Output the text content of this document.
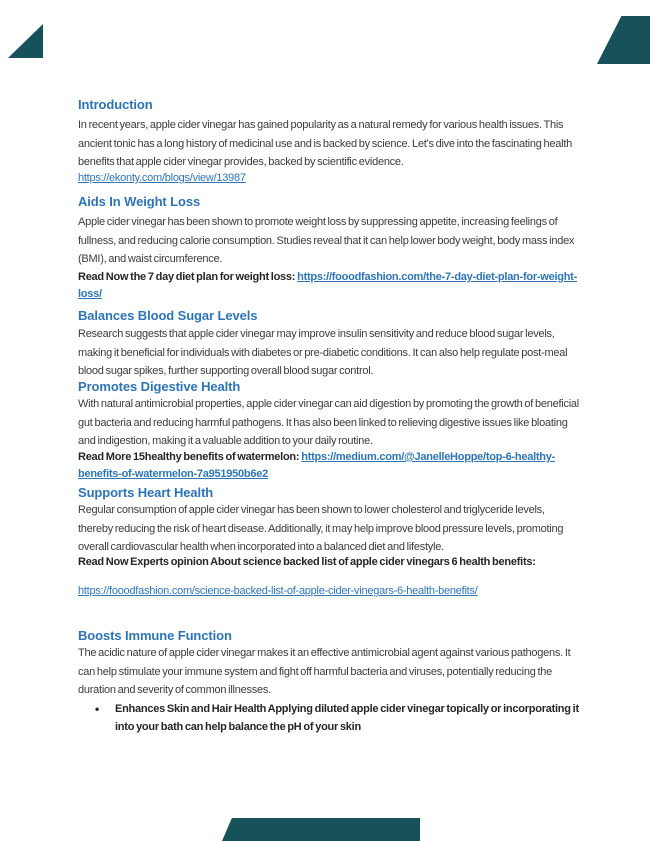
Introduction
In recent years, apple cider vinegar has gained popularity as a natural remedy for various health issues. This ancient tonic has a long history of medicinal use and is backed by science. Let's dive into the fascinating health benefits that apple cider vinegar provides, backed by scientific evidence.
https://ekonty.com/blogs/view/13987
Aids In Weight Loss
Apple cider vinegar has been shown to promote weight loss by suppressing appetite, increasing feelings of fullness, and reducing calorie consumption. Studies reveal that it can help lower body weight, body mass index (BMI), and waist circumference.
Read Now the 7 day diet plan for weight loss: https://fooodfashion.com/the-7-day-diet-plan-for-weight-loss/
Balances Blood Sugar Levels
Research suggests that apple cider vinegar may improve insulin sensitivity and reduce blood sugar levels, making it beneficial for individuals with diabetes or pre-diabetic conditions. It can also help regulate post-meal blood sugar spikes, further supporting overall blood sugar control.
Promotes Digestive Health
With natural antimicrobial properties, apple cider vinegar can aid digestion by promoting the growth of beneficial gut bacteria and reducing harmful pathogens. It has also been linked to relieving digestive issues like bloating and indigestion, making it a valuable addition to your daily routine.
Read More 15healthy benefits of watermelon: https://medium.com/@JanelleHoppe/top-6-healthy-benefits-of-watermelon-7a951950b6e2
Supports Heart Health
Regular consumption of apple cider vinegar has been shown to lower cholesterol and triglyceride levels, thereby reducing the risk of heart disease. Additionally, it may help improve blood pressure levels, promoting overall cardiovascular health when incorporated into a balanced diet and lifestyle.
Read Now Experts opinion About science backed list of apple cider vinegars 6 health benefits:
https://fooodfashion.com/science-backed-list-of-apple-cider-vinegars-6-health-benefits/
Boosts Immune Function
The acidic nature of apple cider vinegar makes it an effective antimicrobial agent against various pathogens. It can help stimulate your immune system and fight off harmful bacteria and viruses, potentially reducing the duration and severity of common illnesses.
•	Enhances Skin and Hair Health Applying diluted apple cider vinegar topically or incorporating it into your bath can help balance the pH of your skin
